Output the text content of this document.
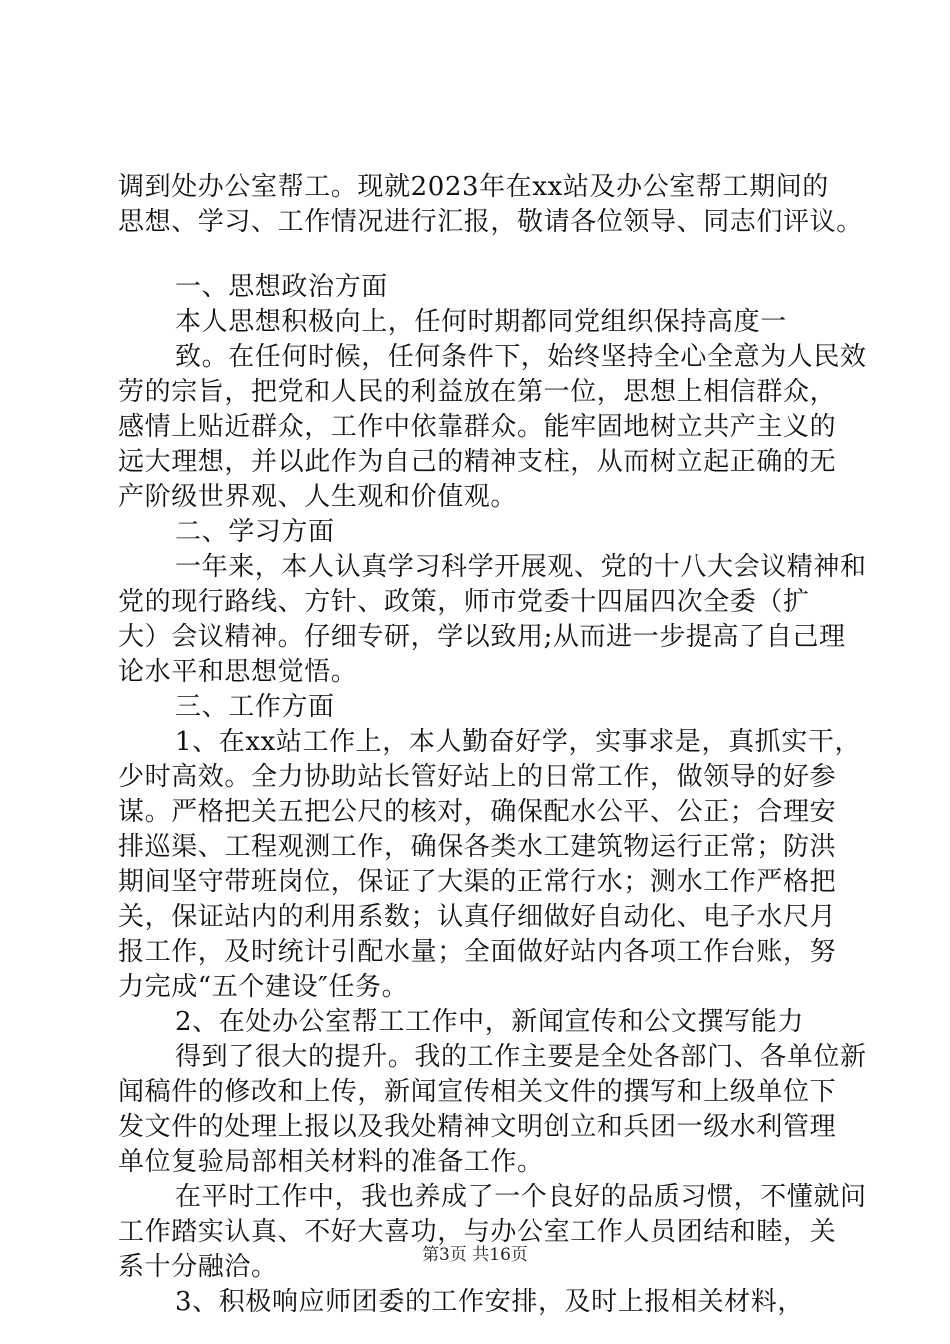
调到处办公室帮工。现就2023年在xx站及办公室帮工期间的
思想、学习、工作情况进行汇报，敬请各位领导、同志们评议。
一、思想政治方面
本人思想积极向上，任何时期都同党组织保持高度一
致。在任何时候，任何条件下，始终坚持全心全意为人民效
劳的宗旨，把党和人民的利益放在第一位，思想上相信群众，
感情上贴近群众，工作中依靠群众。能牢固地树立共产主义的
远大理想，并以此作为自己的精神支柱，从而树立起正确的无
产阶级世界观、人生观和价值观。
二、学习方面
一年来，本人认真学习科学开展观、党的十八大会议精神和
党的现行路线、方针、政策，师市党委十四届四次全委（扩
大）会议精神。仔细专研，学以致用;从而进一步提高了自己理
论水平和思想觉悟。
三、工作方面
1、在xx站工作上，本人勤奋好学，实事求是，真抓实干，
少时高效。全力协助站长管好站上的日常工作，做领导的好参
谋。严格把关五把公尺的核对，确保配水公平、公正；合理安
排巡渠、工程观测工作，确保各类水工建筑物运行正常；防洪
期间坚守带班岗位，保证了大渠的正常行水；测水工作严格把
关，保证站内的利用系数；认真仔细做好自动化、电子水尺月
报工作，及时统计引配水量；全面做好站内各项工作台账，努
力完成“五个建设″任务。
2、在处办公室帮工工作中，新闻宣传和公文撰写能力
得到了很大的提升。我的工作主要是全处各部门、各单位新
闻稿件的修改和上传，新闻宣传相关文件的撰写和上级单位下
发文件的处理上报以及我处精神文明创立和兵团一级水利管理
单位复验局部相关材料的准备工作。
在平时工作中，我也养成了一个良好的品质习惯，不懂就问
工作踏实认真、不好大喜功，与办公室工作人员团结和睦，关
系十分融洽。
3、积极响应师团委的工作安排，及时上报相关材料，
第3页 共16页
